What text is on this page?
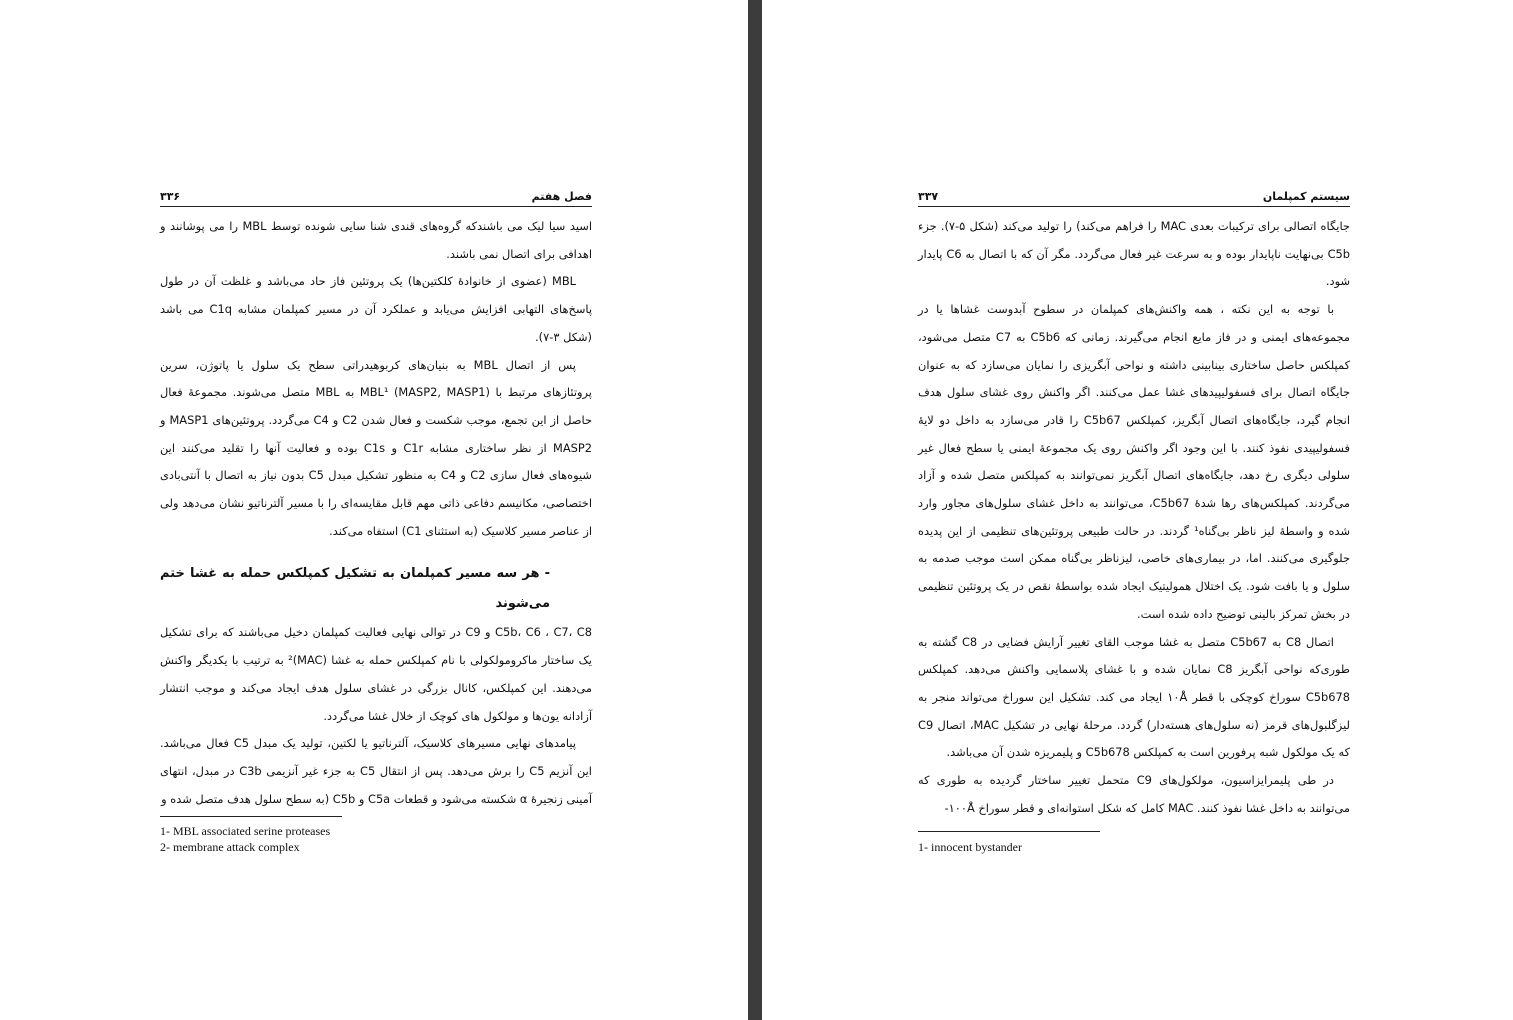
۳۳۶	فصل هفتم

اسید سیا لیک می باشندکه گروه‌های قندی شنا سایی شونده توسط MBL را می پوشانند و اهدافی برای اتصال نمی باشند.

MBL (عضوی از خانوادۀ کلکتین‌ها) یک پروتئین فاز حاد می‌باشد و غلظت آن در طول پاسخ‌های التهابی افزایش می‌یابد و عملکرد آن در مسیر کمپلمان مشابه C1q می باشد (شکل ۳-۷).

پس از اتصال MBL به بنیان‌های کربوهیدراتی سطح یک سلول یا پاتوژن، سرین پروتئازهای مرتبط با MBL¹ (MASP2, MASP1) به MBL متصل می‌شوند. مجموعۀ فعال حاصل از این تجمع، موجب شکست و فعال شدن C2 و C4 می‌گردد. پروتئین‌های MASP1 و MASP2 از نظر ساختاری مشابه C1r و C1s بوده و فعالیت آنها را تقلید می‌کنند این شیوه‌های فعال سازی C2 و C4 به منظور تشکیل مبدل C5 بدون نیاز به اتصال با آنتی‌بادی اختصاصی، مکانیسم دفاعی ذاتی مهم قابل مقایسه‌ای را با مسیر آلترناتیو نشان می‌دهد ولی از عناصر مسیر کلاسیک (به استثنای C1) استفاه می‌کند.

- هر سه مسیر کمپلمان به تشکیل کمپلکس حمله به غشا ختم می‌شوند

C5b، C6 ، C7، C8 و C9 در توالی نهایی فعالیت کمپلمان دخیل می‌باشند که برای تشکیل یک ساختار ماکرومولکولی با نام کمپلکس حمله به غشا (MAC)² به ترتیب با یکدیگر واکنش می‌دهند. این کمپلکس، کانال بزرگی در غشای سلول هدف ایجاد می‌کند و موجب انتشار آزادانه یون‌ها و مولکول های کوچک از خلال غشا می‌گردد.

پیامدهای نهایی مسیرهای کلاسیک، آلترناتیو یا لکتین، تولید یک مبدل C5 فعال می‌باشد. این آنزیم C5 را برش می‌دهد. پس از انتقال C5 به جزء غیر آنزیمی C3b در مبدل، انتهای آمینی زنجیرۀ α شکسته می‌شود و قطعات C5a و C5b (به سطح سلول هدف متصل شده و

1- MBL associated serine proteases
2- membrane attack complex
۳۳۷	سیستم کمپلمان

جایگاه اتصالی برای ترکیبات بعدی MAC را فراهم می‌کند) را تولید می‌کند (شکل ۵-۷). جزء C5b بی‌نهایت ناپایدار بوده و به سرعت غیر فعال می‌گردد. مگر آن که با اتصال به C6 پایدار شود.

با توجه به این نکته ، همه واکنش‌های کمپلمان در سطوح آبدوست غشاها یا در مجموعه‌های ایمنی و در فاز مایع انجام می‌گیرند. زمانی که C5b6 به C7 متصل می‌شود، کمپلکس حاصل ساختاری بینابینی داشته و نواحی آبگریزی را نمایان می‌سازد که به عنوان جایگاه اتصال برای فسفولیپیدهای غشا عمل می‌کنند. اگر واکنش روی غشای سلول هدف انجام گیرد، جایگاه‌های اتصال آبگریز، کمپلکس C5b67 را قادر می‌سازد به داخل دو لایۀ فسفولیپیدی نفوذ کنند. با این وجود اگر واکنش روی یک مجموعۀ ایمنی یا سطح فعال غیر سلولی دیگری رخ دهد، جایگاه‌های اتصال آبگریز نمی‌توانند به کمپلکس متصل شده و آزاد می‌گردند. کمپلکس‌های رها شدۀ C5b67، می‌توانند به داخل غشای سلول‌های مجاور وارد شده و واسطۀ لیز ناظر بی‌گناه¹ گردند. در حالت طبیعی پروتئین‌های تنظیمی از این پدیده جلوگیری می‌کنند. اما، در بیماری‌های خاصی، لیزناظر بی‌گناه ممکن است موجب صدمه به سلول و یا بافت شود. یک اختلال همولیتیک ایجاد شده بواسطۀ نقص در یک پروتئین تنظیمی در بخش تمرکز بالینی توضیح داده شده است.

اتصال C8 به C5b67 متصل به غشا موجب القای تغییر آرایش فضایی در C8 گشته به طوری‌که نواحی آبگریز C8 نمایان شده و با غشای پلاسمایی واکنش می‌دهد. کمپلکس C5b678 سوراخ کوچکی با قطر ۱۰Å ایجاد می کند. تشکیل این سوراخ می‌تواند منجر به لیزگلبول‌های قرمز (نه سلول‌های هسته‌دار) گردد. مرحلۀ نهایی در تشکیل MAC، اتصال C9 که یک مولکول شبه پرفورین است به کمپلکس C5b678 و پلیمریزه شدن آن می‌باشد.

در طی پلیمرایزاسیون، مولکول‌های C9 متحمل تغییر ساختار گردیده به طوری که می‌توانند به داخل غشا نفوذ کنند. MAC کامل که شکل استوانه‌ای و قطر سوراخ ۱۰۰Å-

1- innocent bystander
